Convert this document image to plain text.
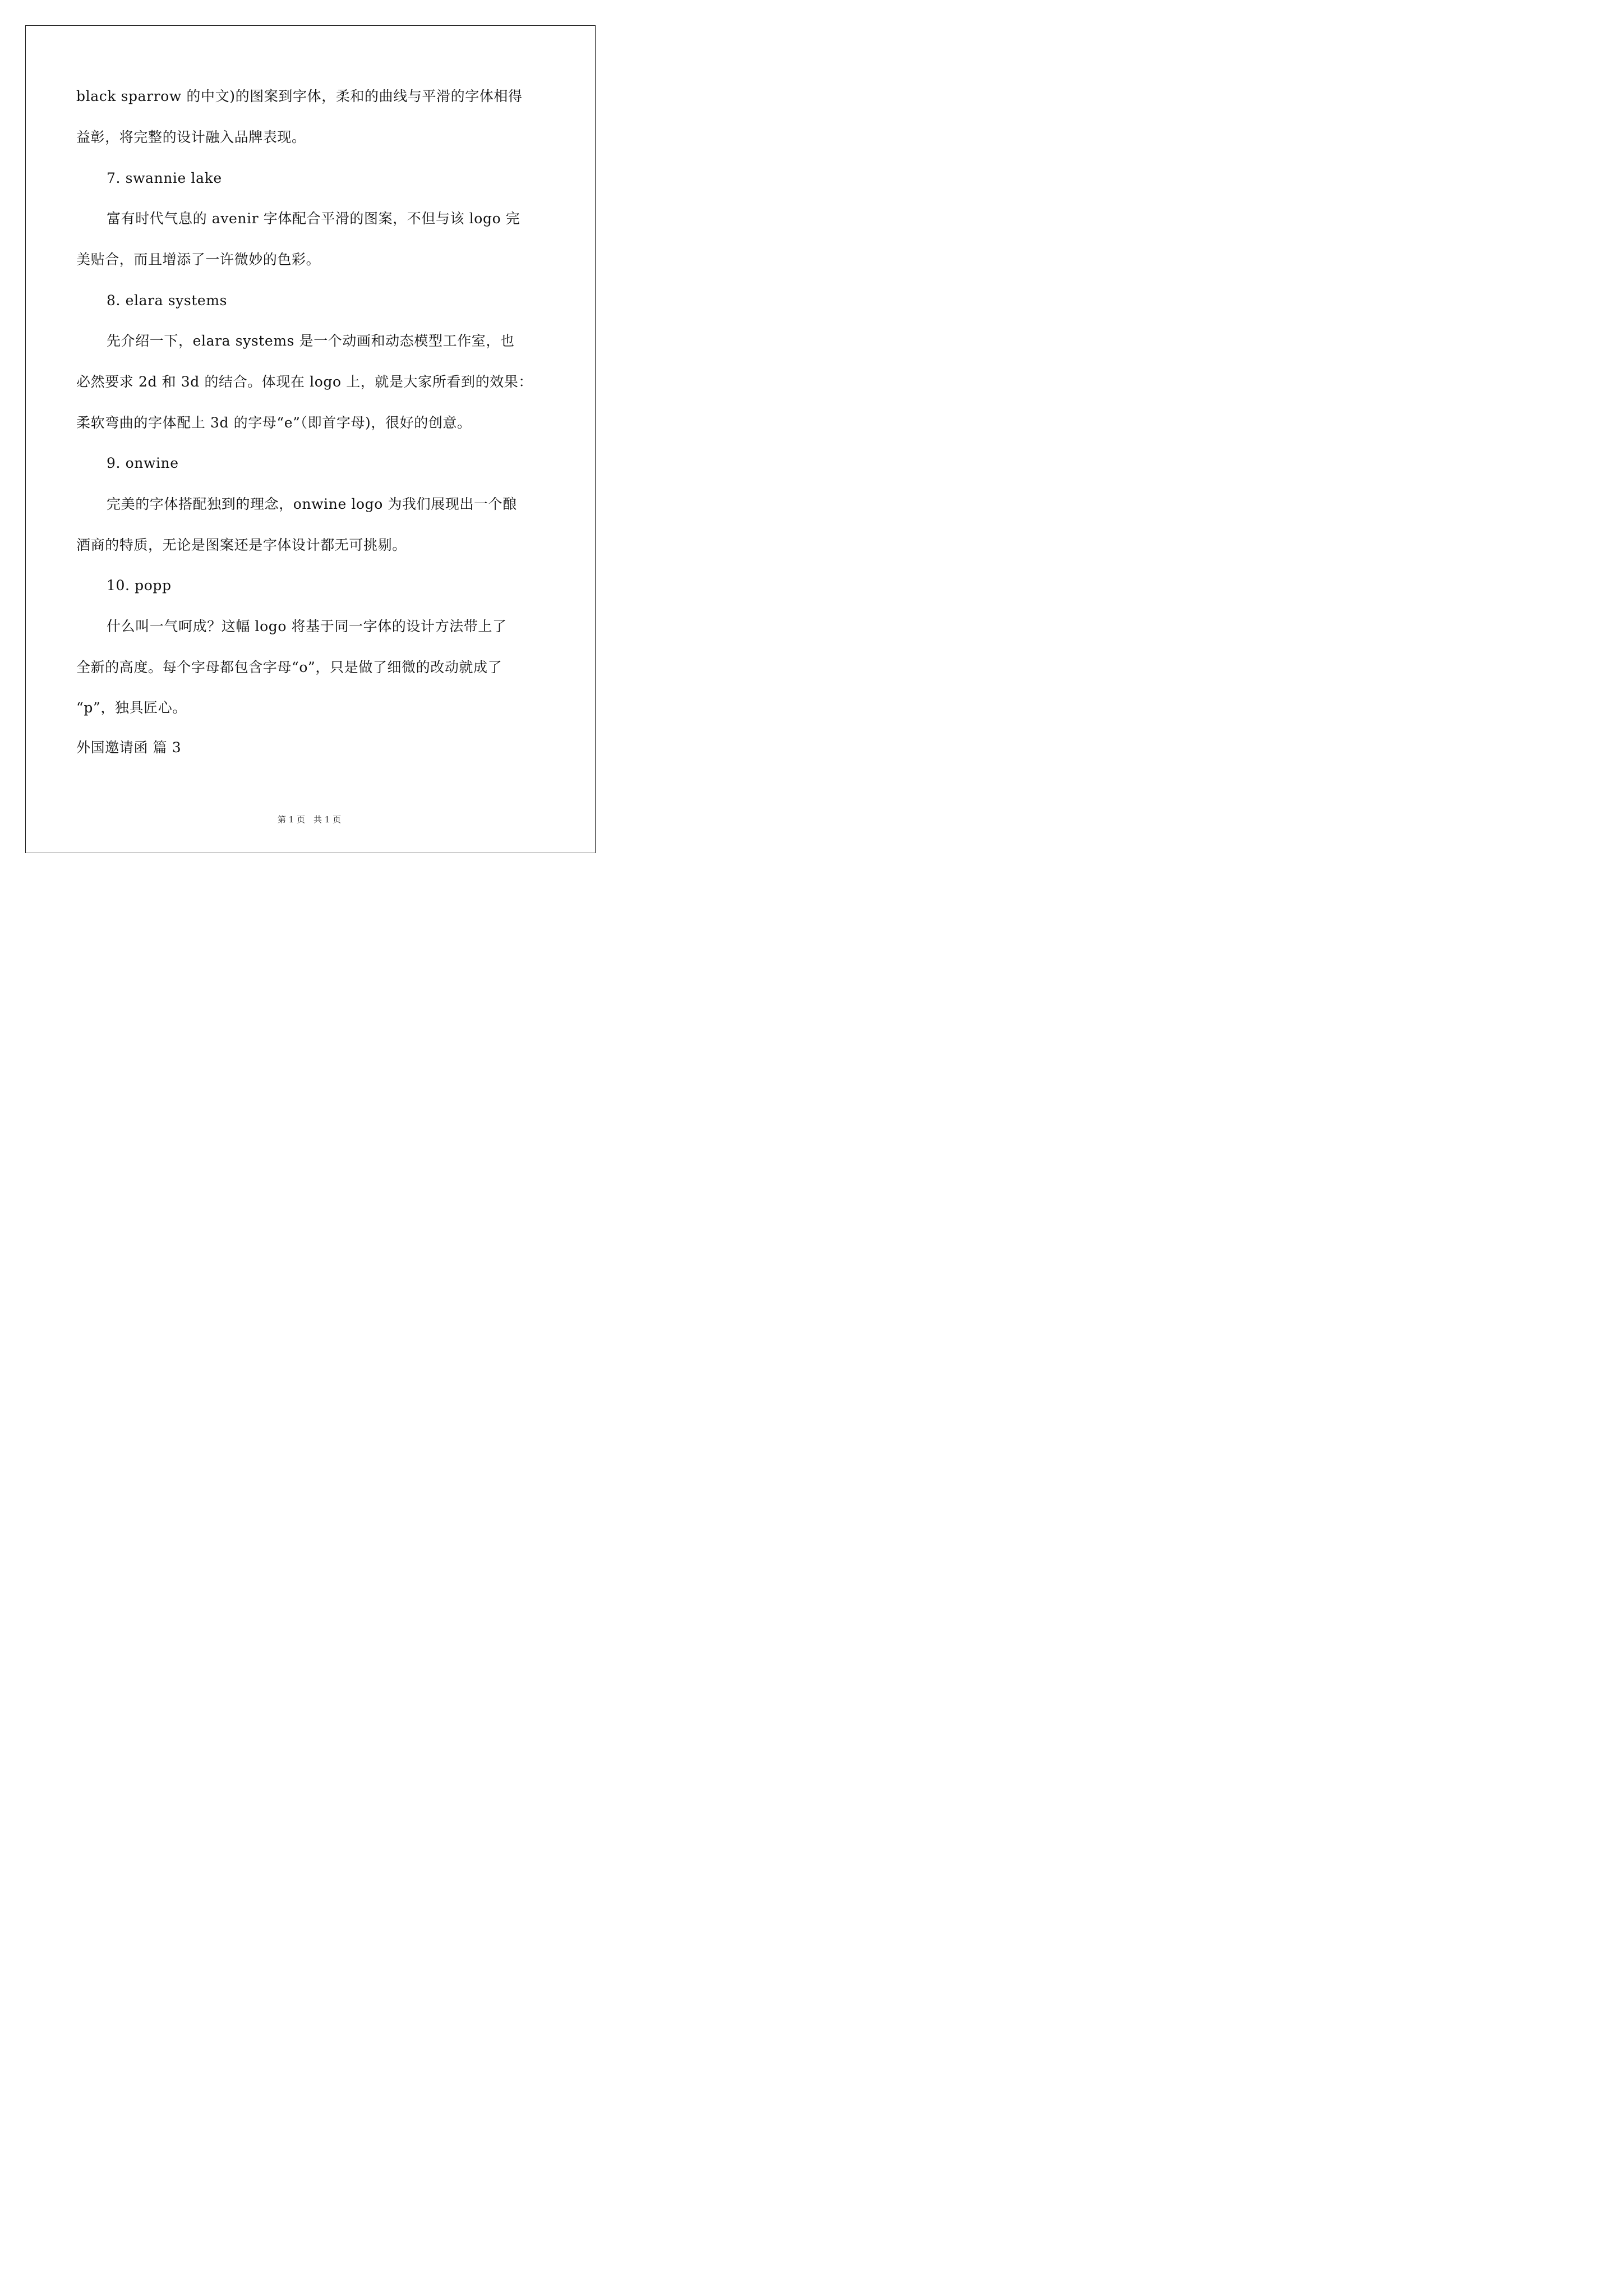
black sparrow 的中文)的图案到字体，柔和的曲线与平滑的字体相得
益彰，将完整的设计融入品牌表现。
7. swannie lake
富有时代气息的 avenir 字体配合平滑的图案，不但与该 logo 完
美贴合，而且增添了一许微妙的色彩。
8. elara systems
先介绍一下，elara systems 是一个动画和动态模型工作室，也
必然要求 2d 和 3d 的结合。体现在 logo 上，就是大家所看到的效果：
柔软弯曲的字体配上 3d 的字母“e”（即首字母)，很好的创意。
9. onwine
完美的字体搭配独到的理念，onwine logo 为我们展现出一个酿
酒商的特质，无论是图案还是字体设计都无可挑剔。
10. popp
什么叫一气呵成？这幅 logo 将基于同一字体的设计方法带上了
全新的高度。每个字母都包含字母“o”，只是做了细微的改动就成了
“p”，独具匠心。
外国邀请函 篇 3
第 1 页　共 1 页
